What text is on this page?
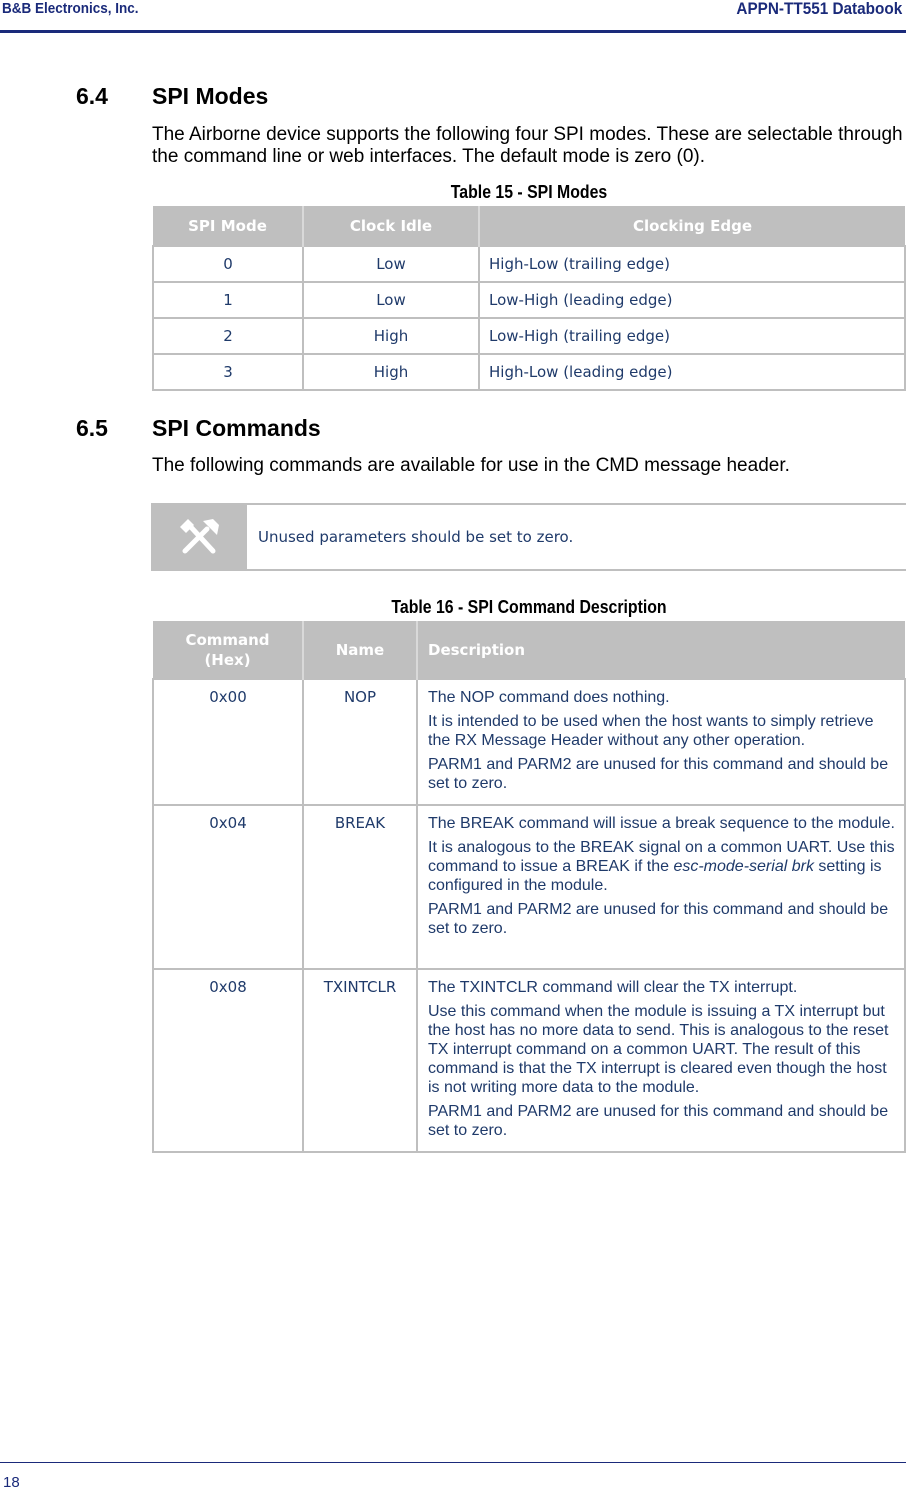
B&B Electronics, Inc.	APPN-TT551 Databook
6.4 SPI Modes
The Airborne device supports the following four SPI modes. These are selectable through the command line or web interfaces. The default mode is zero (0).
Table 15 - SPI Modes
SPI Mode	Clock Idle	Clocking Edge
0	Low	High-Low (trailing edge)
1	Low	Low-High (leading edge)
2	High	Low-High (trailing edge)
3	High	High-Low (leading edge)
6.5 SPI Commands
The following commands are available for use in the CMD message header.
Unused parameters should be set to zero.
Table 16 - SPI Command Description
Command
(Hex)	Name	Description
0x00	NOP	The NOP command does nothing.

It is intended to be used when the host wants to simply retrieve the RX Message Header without any other operation.

PARM1 and PARM2 are unused for this command and should be set to zero.

0x04	BREAK	The BREAK command will issue a break sequence to the module.

It is analogous to the BREAK signal on a common UART. Use this command to issue a BREAK if the esc-mode-serial brk setting is configured in the module.

PARM1 and PARM2 are unused for this command and should be set to zero.

0x08	TXINTCLR	The TXINTCLR command will clear the TX interrupt.

Use this command when the module is issuing a TX interrupt but the host has no more data to send. This is analogous to the reset TX interrupt command on a common UART. The result of this command is that the TX interrupt is cleared even though the host is not writing more data to the module.

PARM1 and PARM2 are unused for this command and should be set to zero.

18
